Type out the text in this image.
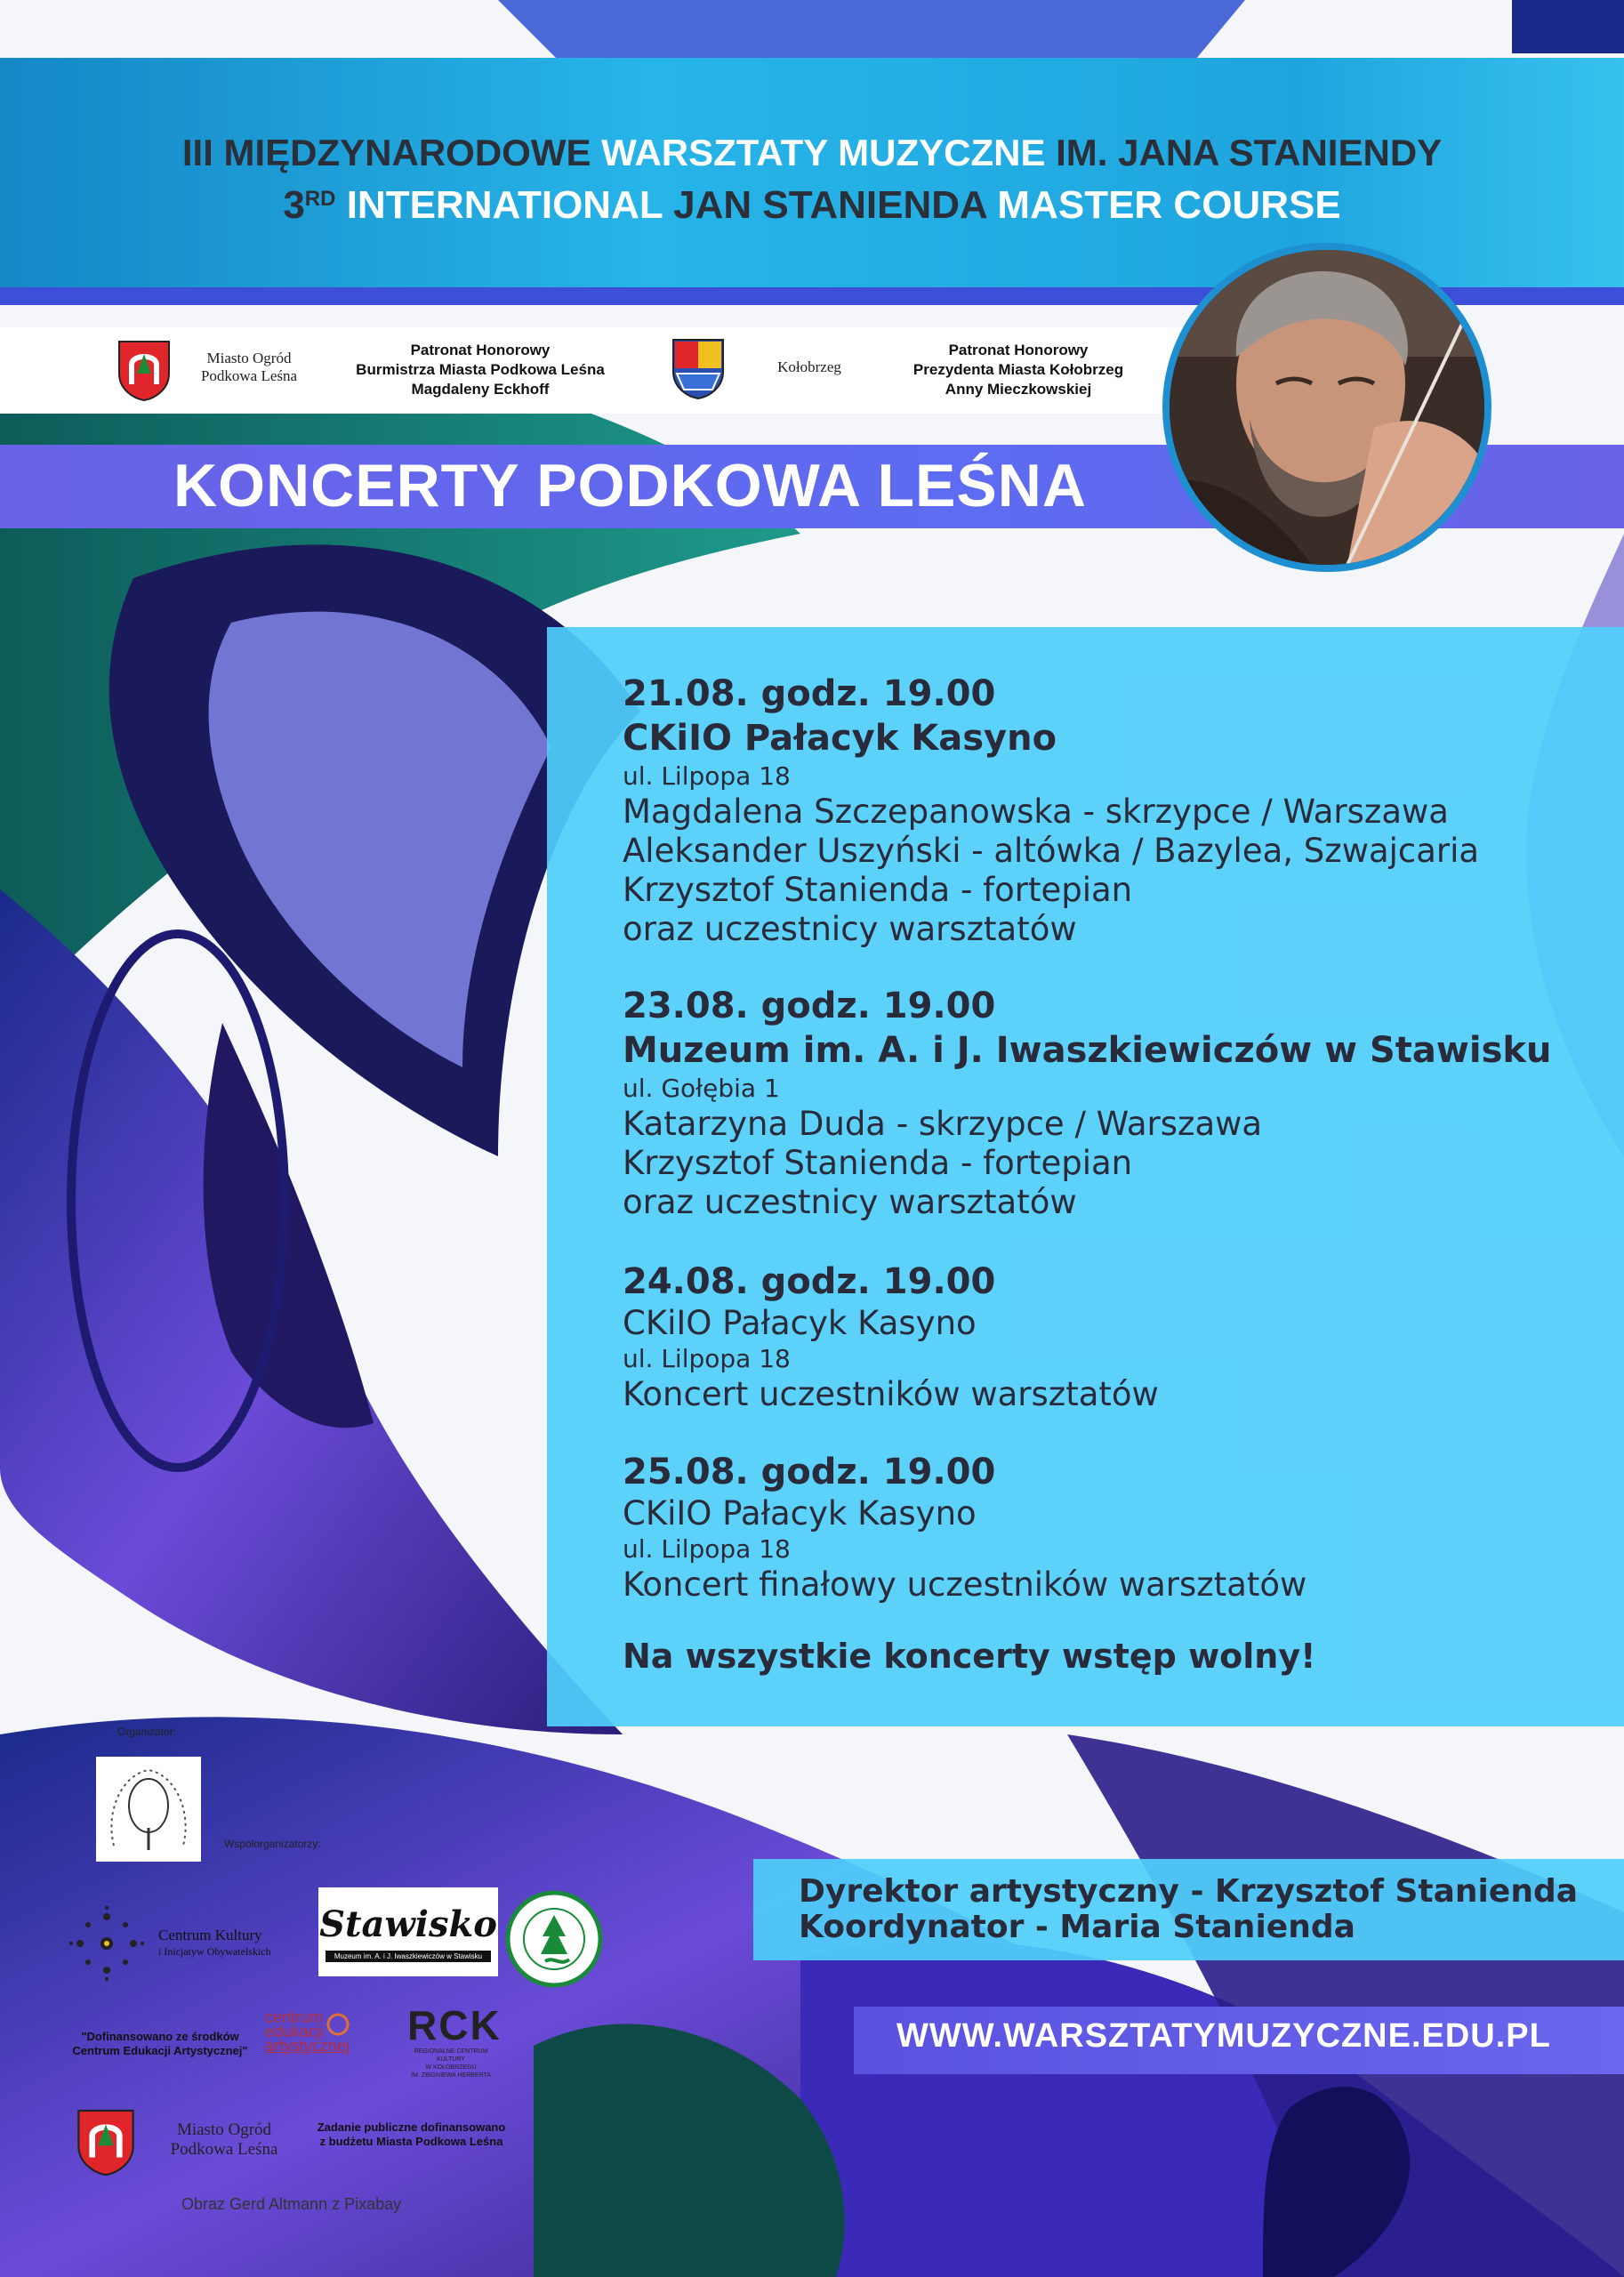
III MIĘDZYNARODOWE WARSZTATY MUZYCZNE IM. JANA STANIENDY
3RD INTERNATIONAL JAN STANIENDA MASTER COURSE
Miasto Ogród
Podkowa Leśna
Patronat Honorowy
Burmistrza Miasta Podkowa Leśna
Magdaleny Eckhoff
Kołobrzeg
Patronat Honorowy
Prezydenta Miasta Kołobrzeg
Anny Mieczkowskiej
KONCERTY PODKOWA LEŚNA
21.08. godz. 19.00
CKiIO Pałacyk Kasyno
ul. Lilpopa 18
Magdalena Szczepanowska - skrzypce / Warszawa
Aleksander Uszyński - altówka / Bazylea, Szwajcaria
Krzysztof Stanienda - fortepian
oraz uczestnicy warsztatów
23.08. godz. 19.00
Muzeum im. A. i J. Iwaszkiewiczów w Stawisku
ul. Gołębia 1
Katarzyna Duda - skrzypce / Warszawa
Krzysztof Stanienda - fortepian
oraz uczestnicy warsztatów
24.08. godz. 19.00
CKiIO Pałacyk Kasyno
ul. Lilpopa 18
Koncert uczestników warsztatów
25.08. godz. 19.00
CKiIO Pałacyk Kasyno
ul. Lilpopa 18
Koncert finałowy uczestników warsztatów
Na wszystkie koncerty wstęp wolny!
Dyrektor artystyczny - Krzysztof Stanienda
Koordynator - Maria Stanienda
WWW.WARSZTATYMUZYCZNE.EDU.PL
Organizator:
Współorganizatorzy:
Centrum Kultury
i Inicjatyw Obywatelskich
Stawisko
Muzeum im. A. i J. Iwaszkiewiczów w Stawisku
"Dofinansowano ze środków
Centrum Edukacji Artystycznej"
centrum
edukacji
artystycznej RCK
REGIONALNE CENTRUM KULTURY
W KOŁOBRZEGU
IM. ZBIGNIEWA HERBERTA
Miasto Ogród
Podkowa Leśna
Zadanie publiczne dofinansowano
z budżetu Miasta Podkowa Leśna
Obraz Gerd Altmann z Pixabay
